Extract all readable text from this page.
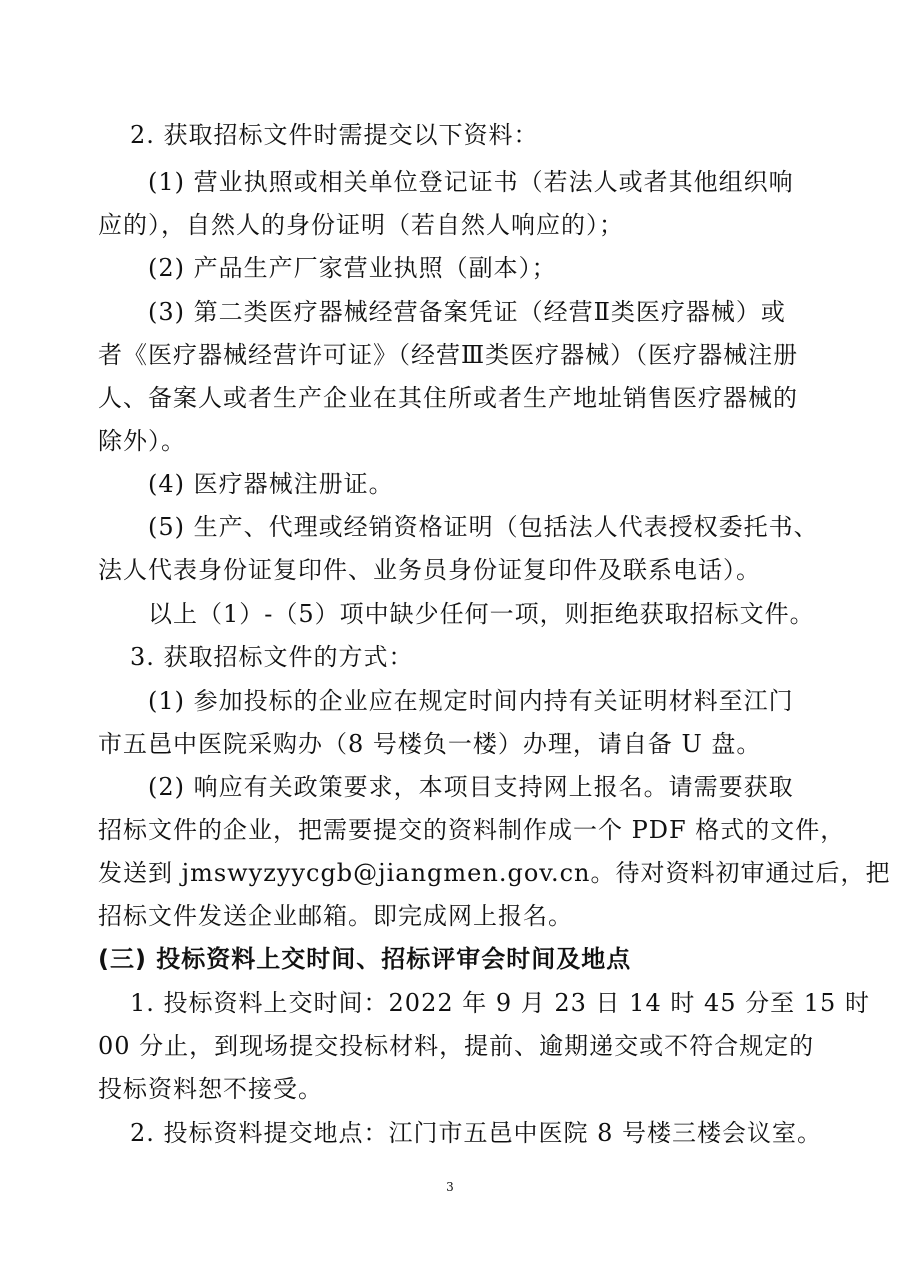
2. 获取招标文件时需提交以下资料：
(1) 营业执照或相关单位登记证书（若法人或者其他组织响
应的），自然人的身份证明（若自然人响应的）；
(2) 产品生产厂家营业执照（副本）；
(3) 第二类医疗器械经营备案凭证（经营Ⅱ类医疗器械）或
者《医疗器械经营许可证》（经营Ⅲ类医疗器械）（医疗器械注册
人、备案人或者生产企业在其住所或者生产地址销售医疗器械的
除外）。
(4) 医疗器械注册证。
(5) 生产、代理或经销资格证明（包括法人代表授权委托书、
法人代表身份证复印件、业务员身份证复印件及联系电话）。
以上（1）-（5）项中缺少任何一项，则拒绝获取招标文件。
3. 获取招标文件的方式：
(1) 参加投标的企业应在规定时间内持有关证明材料至江门
市五邑中医院采购办（8 号楼负一楼）办理，请自备 U 盘。
(2) 响应有关政策要求，本项目支持网上报名。请需要获取
招标文件的企业，把需要提交的资料制作成一个 PDF 格式的文件，
发送到 jmswyzyycgb@jiangmen.gov.cn。待对资料初审通过后，把
招标文件发送企业邮箱。即完成网上报名。
(三) 投标资料上交时间、招标评审会时间及地点
1. 投标资料上交时间：2022 年 9 月 23 日 14 时 45 分至 15 时
00 分止，到现场提交投标材料，提前、逾期递交或不符合规定的
投标资料恕不接受。
2. 投标资料提交地点：江门市五邑中医院 8 号楼三楼会议室。
3
